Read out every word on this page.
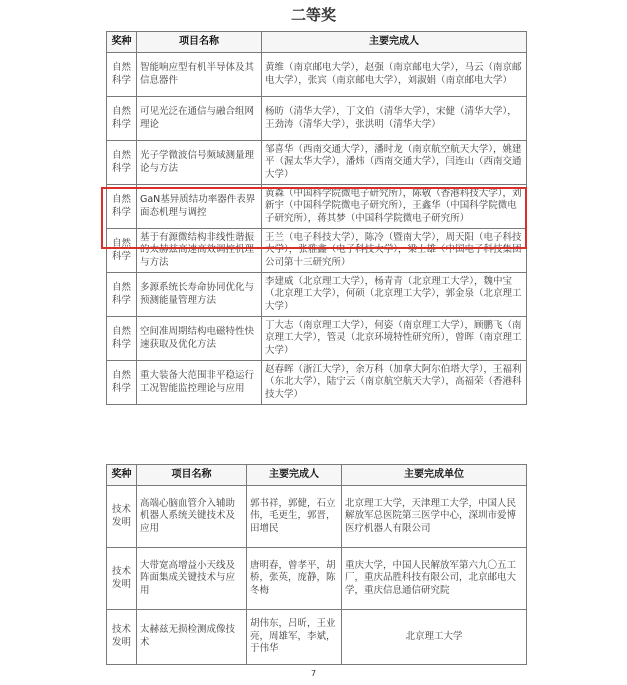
二等奖
奖种	项目名称	主要完成人
自然科学	智能响应型有机半导体及其信息器件	黄维（南京邮电大学），赵强（南京邮电大学），马云（南京邮电大学），张宾（南京邮电大学），刘淑娟（南京邮电大学）
自然科学	可见光泛在通信与融合组网理论	杨昉（清华大学），丁文伯（清华大学），宋健（清华大学），王劲涛（清华大学），张洪明（清华大学）
自然科学	光子学微波信号频域测量理论与方法	邹喜华（西南交通大学），潘时龙（南京航空航天大学），姚建平（渥太华大学），潘炜（西南交通大学），闫连山（西南交通大学）
自然科学	GaN基异质结功率器件表界面态机理与调控	黄森（中国科学院微电子研究所），陈敬（香港科技大学），刘新宇（中国科学院微电子研究所），王鑫华（中国科学院微电子研究所），蒋其梦（中国科学院微电子研究所）
自然科学	基于有源微结构非线性谐振的太赫兹高速高效调控机理与方法	王兰（电子科技大学），陈冷（暨南大学），周天阳（电子科技大学），张雅鑫（电子科技大学），梁士雄（中国电子科技集团公司第十三研究所）
自然科学	多源系统长寿命协同优化与预测能量管理方法	李建威（北京理工大学），杨青青（北京理工大学），魏中宝（北京理工大学），何硕（北京理工大学），郭金泉（北京理工大学）
自然科学	空间准周期结构电磁特性快速获取及优化方法	丁大志（南京理工大学），何姿（南京理工大学），顾鹏飞（南京理工大学），管灵（北京环境特性研究所），曾晖（南京理工大学）
自然科学	重大装备大范围非平稳运行工况智能监控理论与应用	赵春晖（浙江大学），余万科（加拿大阿尔伯塔大学），王福利（东北大学），陆宁云（南京航空航天大学），高福荣（香港科技大学）
奖种	项目名称	主要完成人	主要完成单位
技术发明	高端心脑血管介入辅助机器人系统关键技术及应用	郭书祥，郭健，石立伟，毛更生，郭晋，田增民	北京理工大学，天津理工大学，中国人民解放军总医院第三医学中心，深圳市爱博医疗机器人有限公司
技术发明	大带宽高增益小天线及阵面集成关键技术与应用	唐明春，曾孝平，胡桥，张英，庞静，陈冬梅	重庆大学，中国人民解放军第六九〇五工厂，重庆品胜科技有限公司，北京邮电大学，重庆信息通信研究院
技术发明	太赫兹无损检测成像技术	胡伟东，吕昕，王业亮，周雄军，李斌，于伟华	北京理工大学
7
